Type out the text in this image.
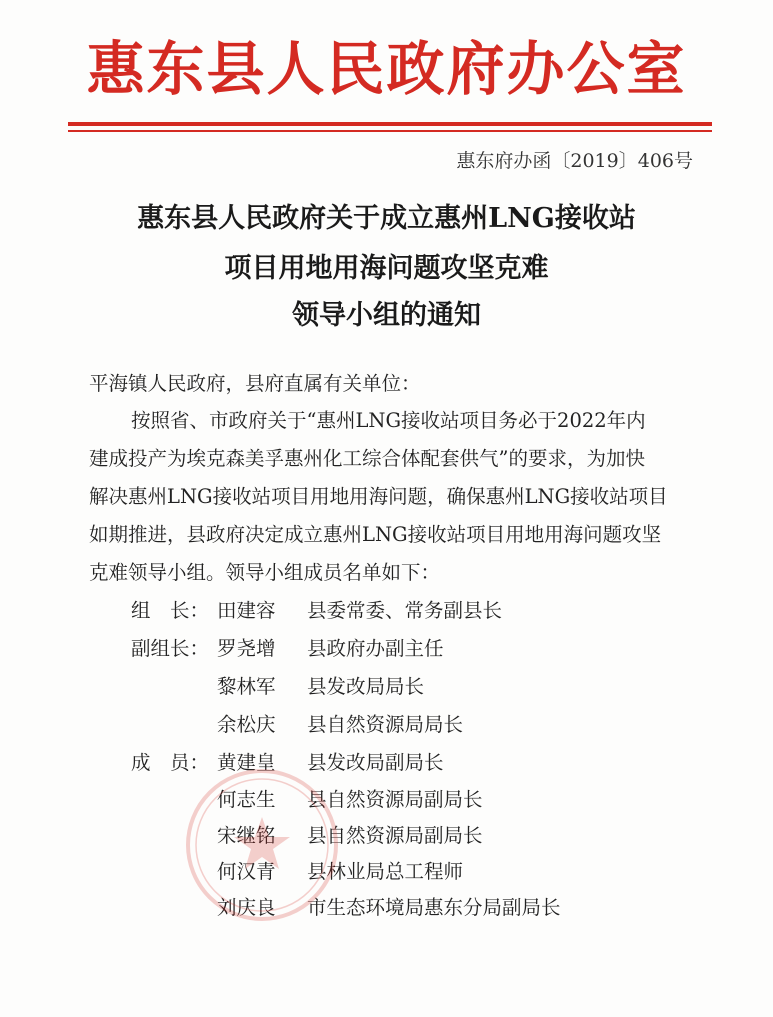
惠东县人民政府办公室
惠东府办函〔2019〕406号
惠东县人民政府关于成立惠州LNG接收站
项目用地用海问题攻坚克难
领导小组的通知
平海镇人民政府，县府直属有关单位：
按照省、市政府关于“惠州LNG接收站项目务必于2022年内
建成投产为埃克森美孚惠州化工综合体配套供气”的要求，为加快
解决惠州LNG接收站项目用地用海问题，确保惠州LNG接收站项目
如期推进，县政府决定成立惠州LNG接收站项目用地用海问题攻坚
克难领导小组。领导小组成员名单如下：
组　长：
副组长：
成　员：
田建容 县委常委、常务副县长
罗尧增 县政府办副主任
黎林军 县发改局局长
余松庆 县自然资源局局长
黄建皇 县发改局副局长
何志生 县自然资源局副局长
宋继铭 县自然资源局副局长
何汉青 县林业局总工程师
刘庆良 市生态环境局惠东分局副局长
